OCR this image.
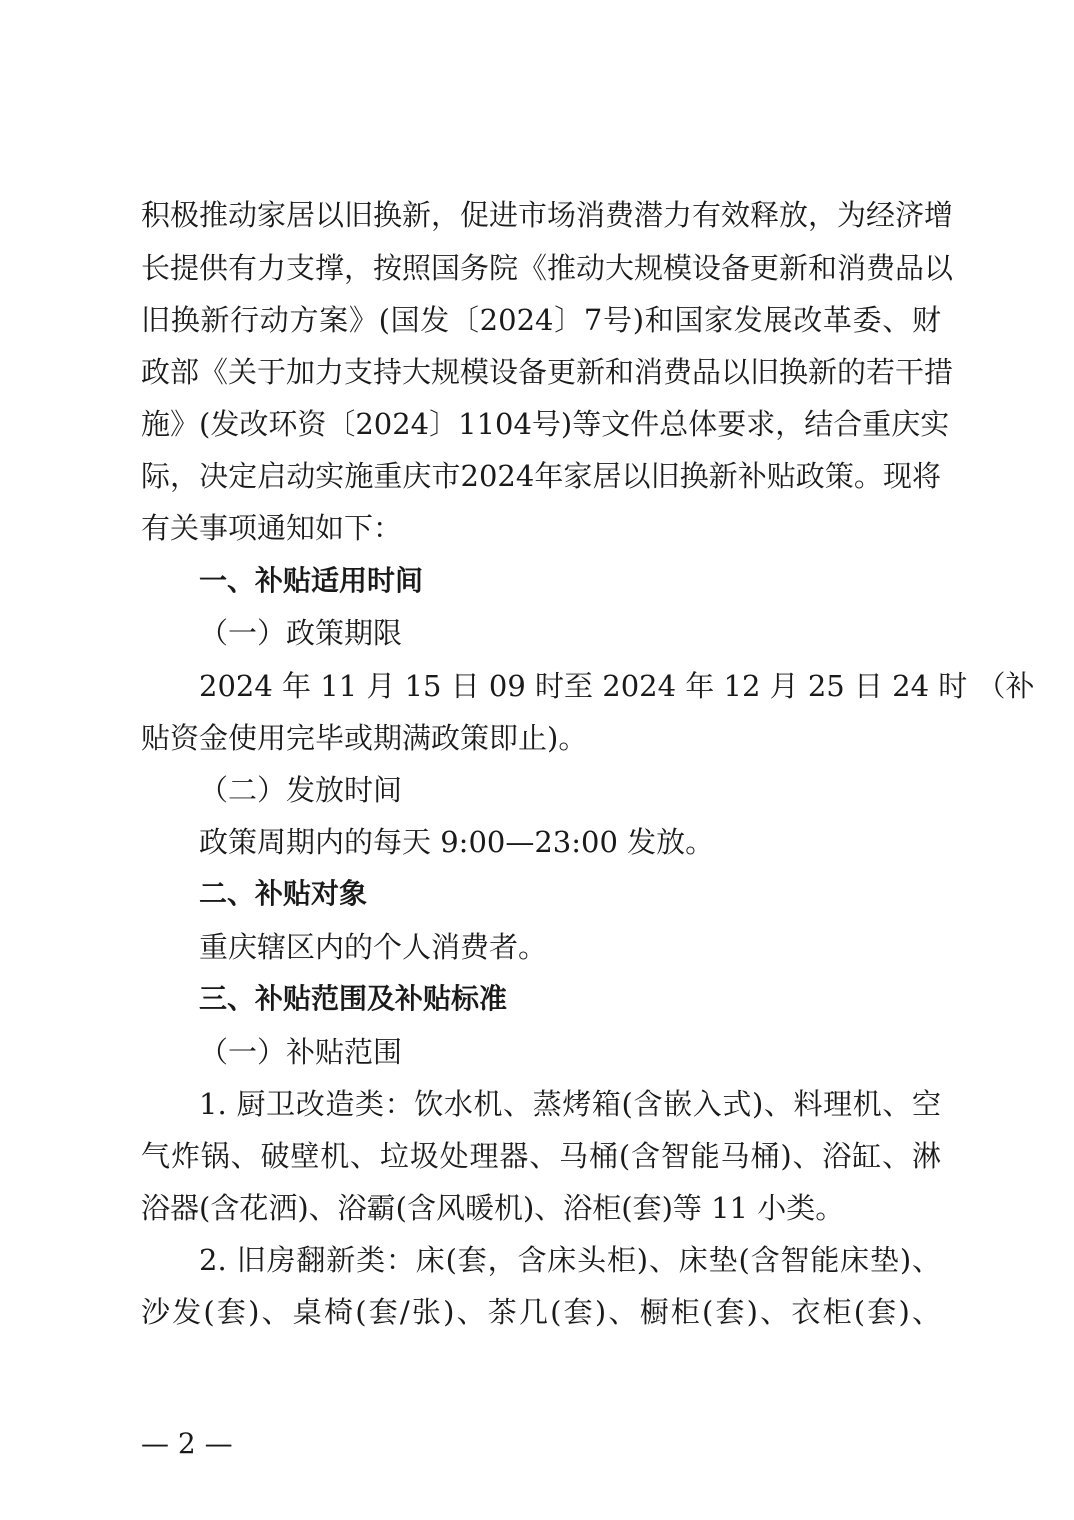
积极推动家居以旧换新，促进市场消费潜力有效释放，为经济增
长提供有力支撑，按照国务院《推动大规模设备更新和消费品以
旧换新行动方案》(国发〔2024〕7号)和国家发展改革委、财
政部《关于加力支持大规模设备更新和消费品以旧换新的若干措
施》(发改环资〔2024〕1104号)等文件总体要求，结合重庆实
际，决定启动实施重庆市2024年家居以旧换新补贴政策。现将
有关事项通知如下：
一、补贴适用时间
（一）政策期限
2024 年 11 月 15 日 09 时至 2024 年 12 月 25 日 24 时 （补
贴资金使用完毕或期满政策即止)。
（二）发放时间
政策周期内的每天 9:00—23:00 发放。
二、补贴对象
重庆辖区内的个人消费者。
三、补贴范围及补贴标准
（一）补贴范围
1. 厨卫改造类：饮水机、蒸烤箱(含嵌入式)、料理机、空
气炸锅、破壁机、垃圾处理器、马桶(含智能马桶)、浴缸、淋
浴器(含花洒)、浴霸(含风暖机)、浴柜(套)等 11 小类。
2. 旧房翻新类：床(套，含床头柜)、床垫(含智能床垫)、
沙发(套)、桌椅(套/张)、茶几(套)、橱柜(套)、衣柜(套)、
— 2 —
